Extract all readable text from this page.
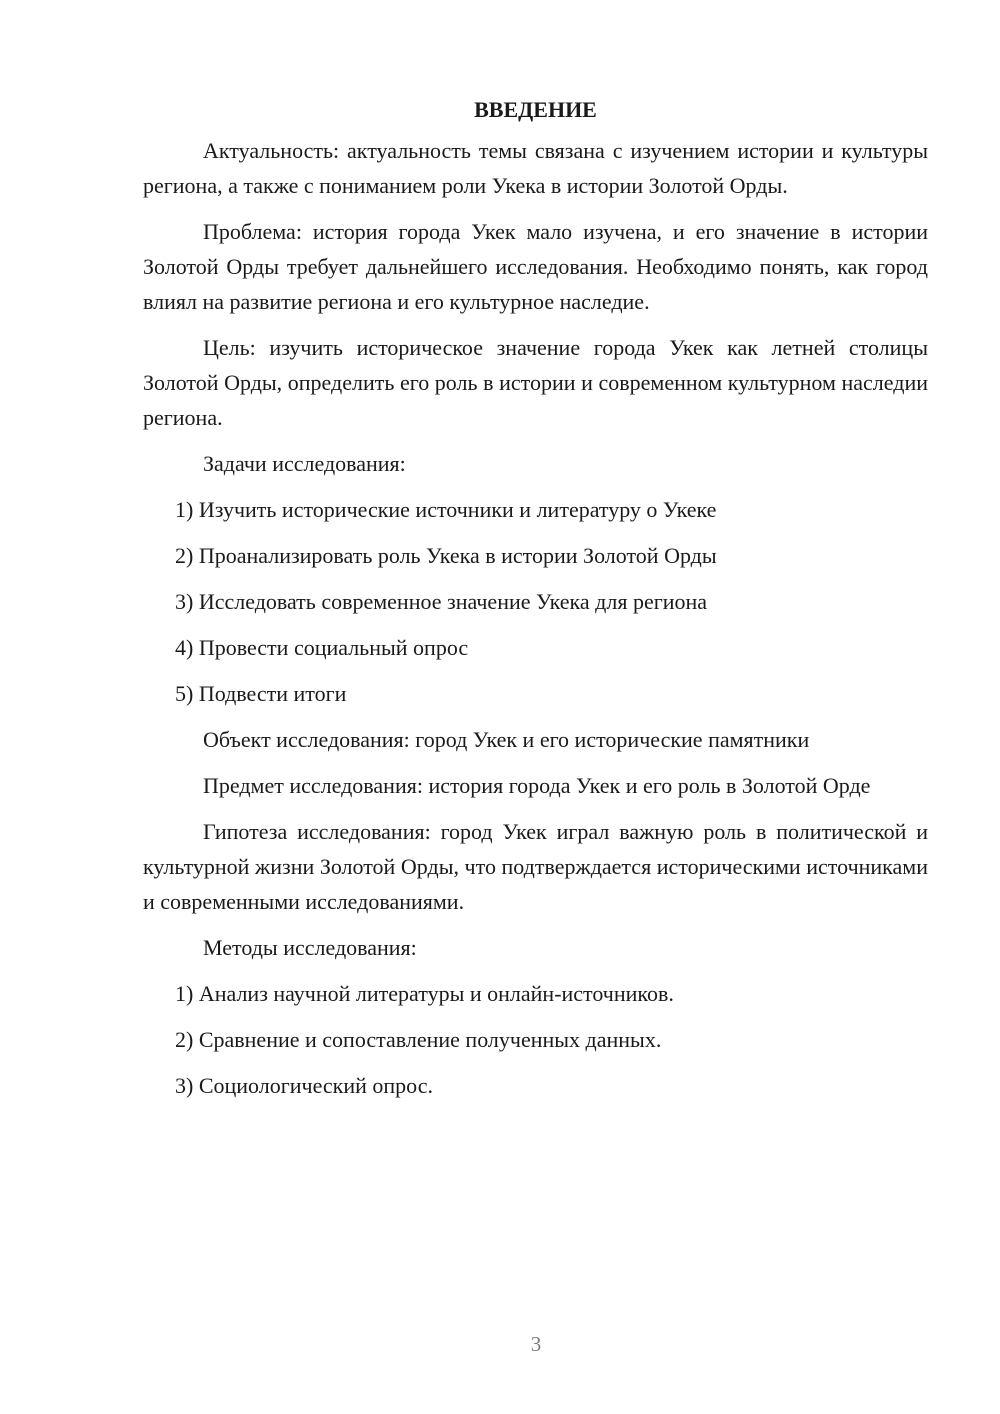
ВВЕДЕНИЕ

Актуальность: актуальность темы связана с изучением истории и культуры региона, а также с пониманием роли Укека в истории Золотой Орды.

Проблема: история города Укек мало изучена, и его значение в истории Золотой Орды требует дальнейшего исследования. Необходимо понять, как город влиял на развитие региона и его культурное наследие.

Цель: изучить историческое значение города Укек как летней столицы Золотой Орды, определить его роль в истории и современном культурном наследии региона.

Задачи исследования:

1) Изучить исторические источники и литературу о Укеке

2) Проанализировать роль Укека в истории Золотой Орды

3) Исследовать современное значение Укека для региона

4) Провести социальный опрос

5) Подвести итоги

Объект исследования: город Укек и его исторические памятники

Предмет исследования: история города Укек и его роль в Золотой Орде

Гипотеза исследования: город Укек играл важную роль в политической и культурной жизни Золотой Орды, что подтверждается историческими источниками и современными исследованиями.

Методы исследования:

1) Анализ научной литературы и онлайн-источников.

2) Сравнение и сопоставление полученных данных.

3) Социологический опрос.

3
